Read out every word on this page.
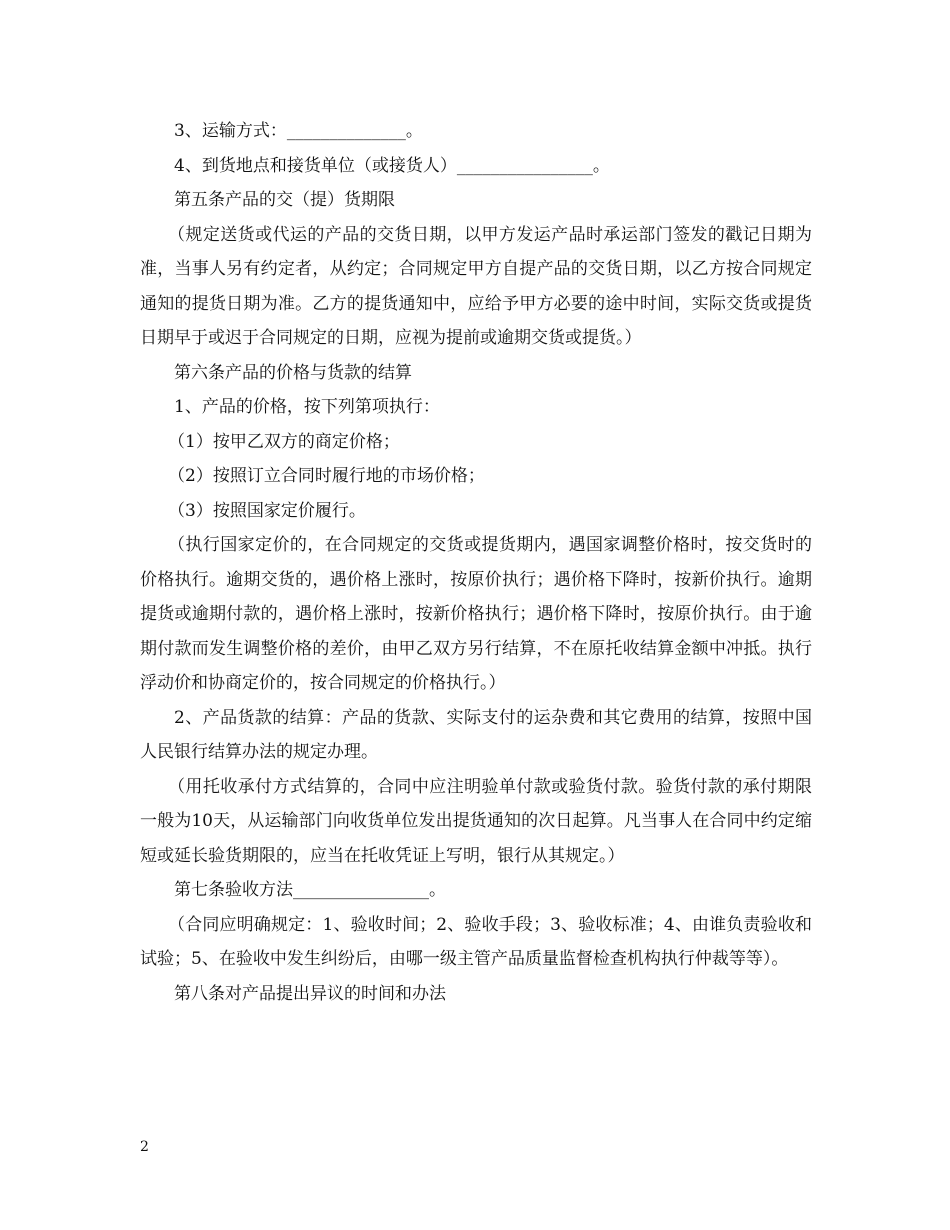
3、运输方式：______________。

4、到货地点和接货单位（或接货人）________________。

第五条产品的交（提）货期限

（规定送货或代运的产品的交货日期，以甲方发运产品时承运部门签发的戳记日期为准，当事人另有约定者，从约定；合同规定甲方自提产品的交货日期，以乙方按合同规定通知的提货日期为准。乙方的提货通知中，应给予甲方必要的途中时间，实际交货或提货日期早于或迟于合同规定的日期，应视为提前或逾期交货或提货。）

第六条产品的价格与货款的结算

1、产品的价格，按下列第项执行：

（1）按甲乙双方的商定价格；

（2）按照订立合同时履行地的市场价格；

（3）按照国家定价履行。

（执行国家定价的，在合同规定的交货或提货期内，遇国家调整价格时，按交货时的价格执行。逾期交货的，遇价格上涨时，按原价执行；遇价格下降时，按新价执行。逾期提货或逾期付款的，遇价格上涨时，按新价格执行；遇价格下降时，按原价执行。由于逾期付款而发生调整价格的差价，由甲乙双方另行结算，不在原托收结算金额中冲抵。执行浮动价和协商定价的，按合同规定的价格执行。）

2、产品货款的结算：产品的货款、实际支付的运杂费和其它费用的结算，按照中国人民银行结算办法的规定办理。

（用托收承付方式结算的，合同中应注明验单付款或验货付款。验货付款的承付期限一般为10天，从运输部门向收货单位发出提货通知的次日起算。凡当事人在合同中约定缩短或延长验货期限的，应当在托收凭证上写明，银行从其规定。）

第七条验收方法________________。

（合同应明确规定：1、验收时间；2、验收手段；3、验收标准；4、由谁负责验收和试验；5、在验收中发生纠纷后，由哪一级主管产品质量监督检查机构执行仲裁等等）。

第八条对产品提出异议的时间和办法

2
